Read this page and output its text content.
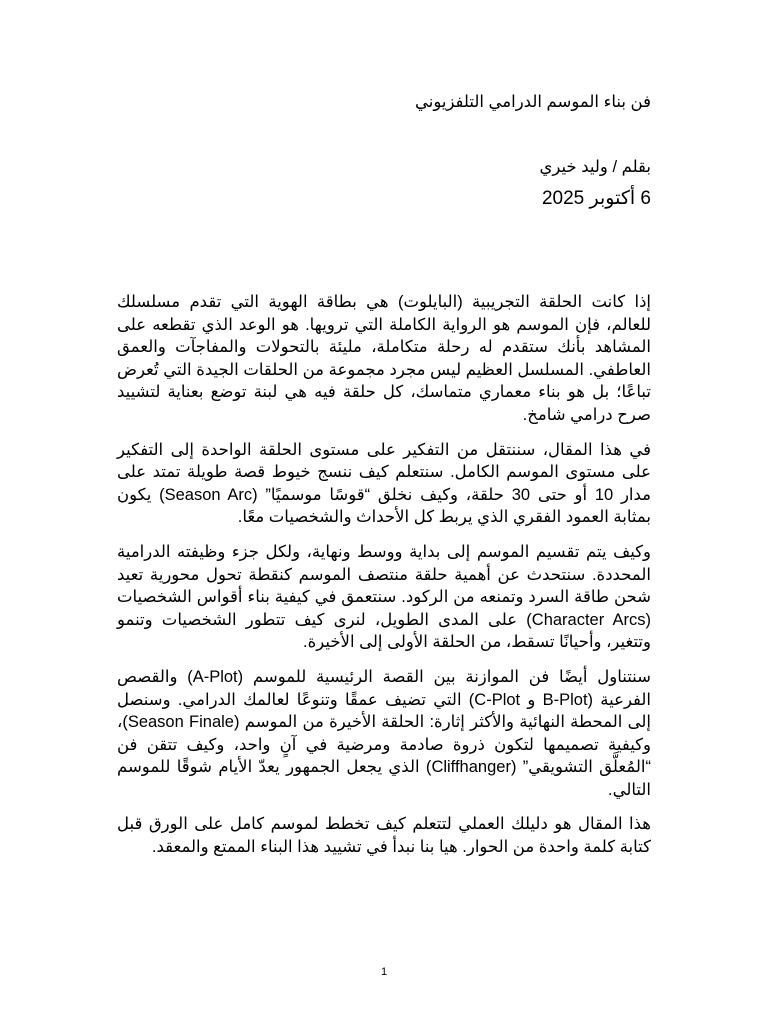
فن بناء الموسم الدرامي التلفزيوني

بقلم / وليد خيري

6 أكتوبر 2025

إذا كانت الحلقة التجريبية (البايلوت) هي بطاقة الهوية التي تقدم مسلسلك للعالم، فإن الموسم هو الرواية الكاملة التي ترويها. هو الوعد الذي تقطعه على المشاهد بأنك ستقدم له رحلة متكاملة، مليئة بالتحولات والمفاجآت والعمق العاطفي. المسلسل العظيم ليس مجرد مجموعة من الحلقات الجيدة التي تُعرض تباعًا؛ بل هو بناء معماري متماسك، كل حلقة فيه هي لبنة توضع بعناية لتشييد صرح درامي شامخ.

في هذا المقال، سننتقل من التفكير على مستوى الحلقة الواحدة إلى التفكير على مستوى الموسم الكامل. سنتعلم كيف ننسج خيوط قصة طويلة تمتد على مدار 10 أو حتى 30 حلقة، وكيف نخلق “قوسًا موسميًا” (Season Arc) يكون بمثابة العمود الفقري الذي يربط كل الأحداث والشخصيات معًا.

وكيف يتم تقسيم الموسم إلى بداية ووسط ونهاية، ولكل جزء وظيفته الدرامية المحددة. سنتحدث عن أهمية حلقة منتصف الموسم كنقطة تحول محورية تعيد شحن طاقة السرد وتمنعه من الركود. سنتعمق في كيفية بناء أقواس الشخصيات (Character Arcs) على المدى الطويل، لنرى كيف تتطور الشخصيات وتنمو وتتغير، وأحيانًا تسقط، من الحلقة الأولى إلى الأخيرة.

سنتناول أيضًا فن الموازنة بين القصة الرئيسية للموسم (A-Plot) والقصص الفرعية (B-Plot و C-Plot) التي تضيف عمقًا وتنوعًا لعالمك الدرامي. وسنصل إلى المحطة النهائية والأكثر إثارة: الحلقة الأخيرة من الموسم (Season Finale)، وكيفية تصميمها لتكون ذروة صادمة ومرضية في آنٍ واحد، وكيف تتقن فن “المُعلَّق التشويقي” (Cliffhanger) الذي يجعل الجمهور يعدّ الأيام شوقًا للموسم التالي.

هذا المقال هو دليلك العملي لتتعلم كيف تخطط لموسم كامل على الورق قبل كتابة كلمة واحدة من الحوار. هيا بنا نبدأ في تشييد هذا البناء الممتع والمعقد.

1
